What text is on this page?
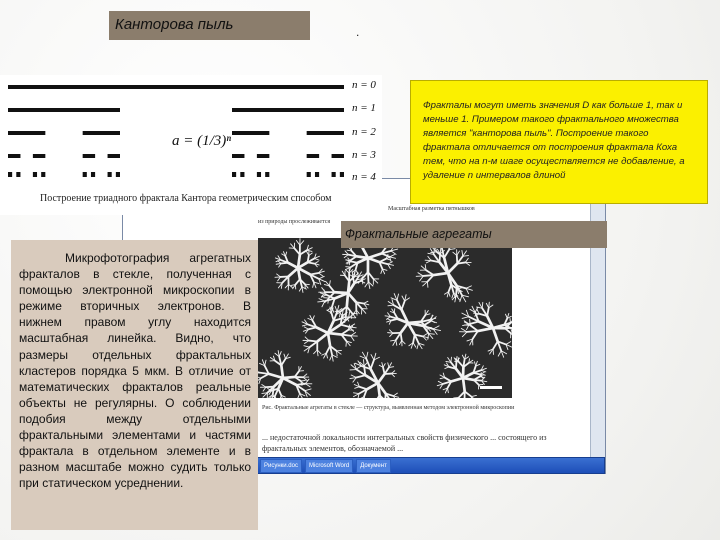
Масштабная разметка пятнышков
из природы прослеживается
Рис. Фрактальные агрегаты в стекле — структура, выявленная методом электронной микроскопии
... недостаточной локальности интегральных свойств физического ... состоящего из фрактальных элементов, обозначаемой ...
Рисунки.doc	Microsoft Word	Документ
n = 0
n = 1
n = 2
n = 3
n = 4
a = (1/3)ⁿ
Построение триадного фрактала Кантора геометрическим способом
Канторова пыль	.
Фракталы могут иметь значения D как больше 1, так и меньше 1. Примером такого фрактального множества является "канторова пыль". Построение такого фрактала отличается от построения фрактала Коха тем, что на n-м шаге осуществляется не добавление, а удаление n интервалов длиной
Фрактальные агрегаты
Микрофотография агрегатных фракталов в стекле, полученная с помощью электронной микроскопии в режиме вторичных электронов. В нижнем правом углу находится масштабная линейка. Видно, что размеры отдельных фрактальных кластеров порядка 5 мкм. В отличие от математических фракталов реальные объекты не регулярны. О соблюдении подобия между отдельными фрактальными элементами и частями фрактала в отдельном элементе и в разном масштабе можно судить только при статическом усреднении.
